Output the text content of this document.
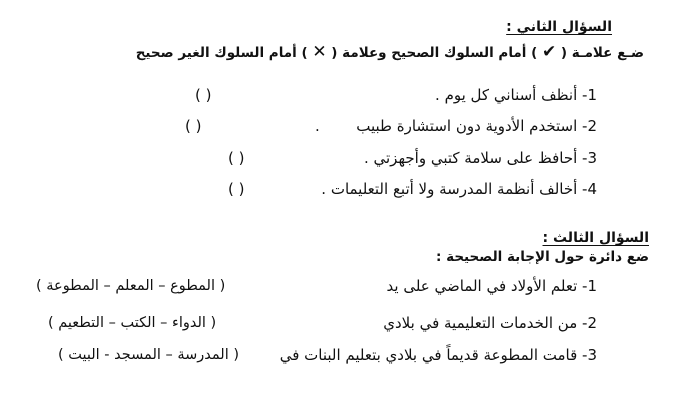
السؤال الثاني :
ضـع علامـة ( ✔ ) أمام السلوك الصحيح وعلامة ( ✕ ) أمام السلوك الغير صحيح
1- أنظف أسناني كل يوم .
( )
2- استخدم الأدوية دون استشارة طبيب
.
( )
3- أحافظ على سلامة كتبي وأجهزتي .
( )
4- أخالف أنظمة المدرسة ولا أتبع التعليمات .
( )
السؤال الثالث :
ضع دائرة حول الإجابة الصحيحة :
1- تعلم الأولاد في الماضي على يد
( المطوع – المعلم – المطوعة )
2- من الخدمات التعليمية في بلادي
( الدواء – الكتب – التطعيم )
3- قامت المطوعة قديماً في بلادي بتعليم البنات في
( المدرسة – المسجد - البيت )
